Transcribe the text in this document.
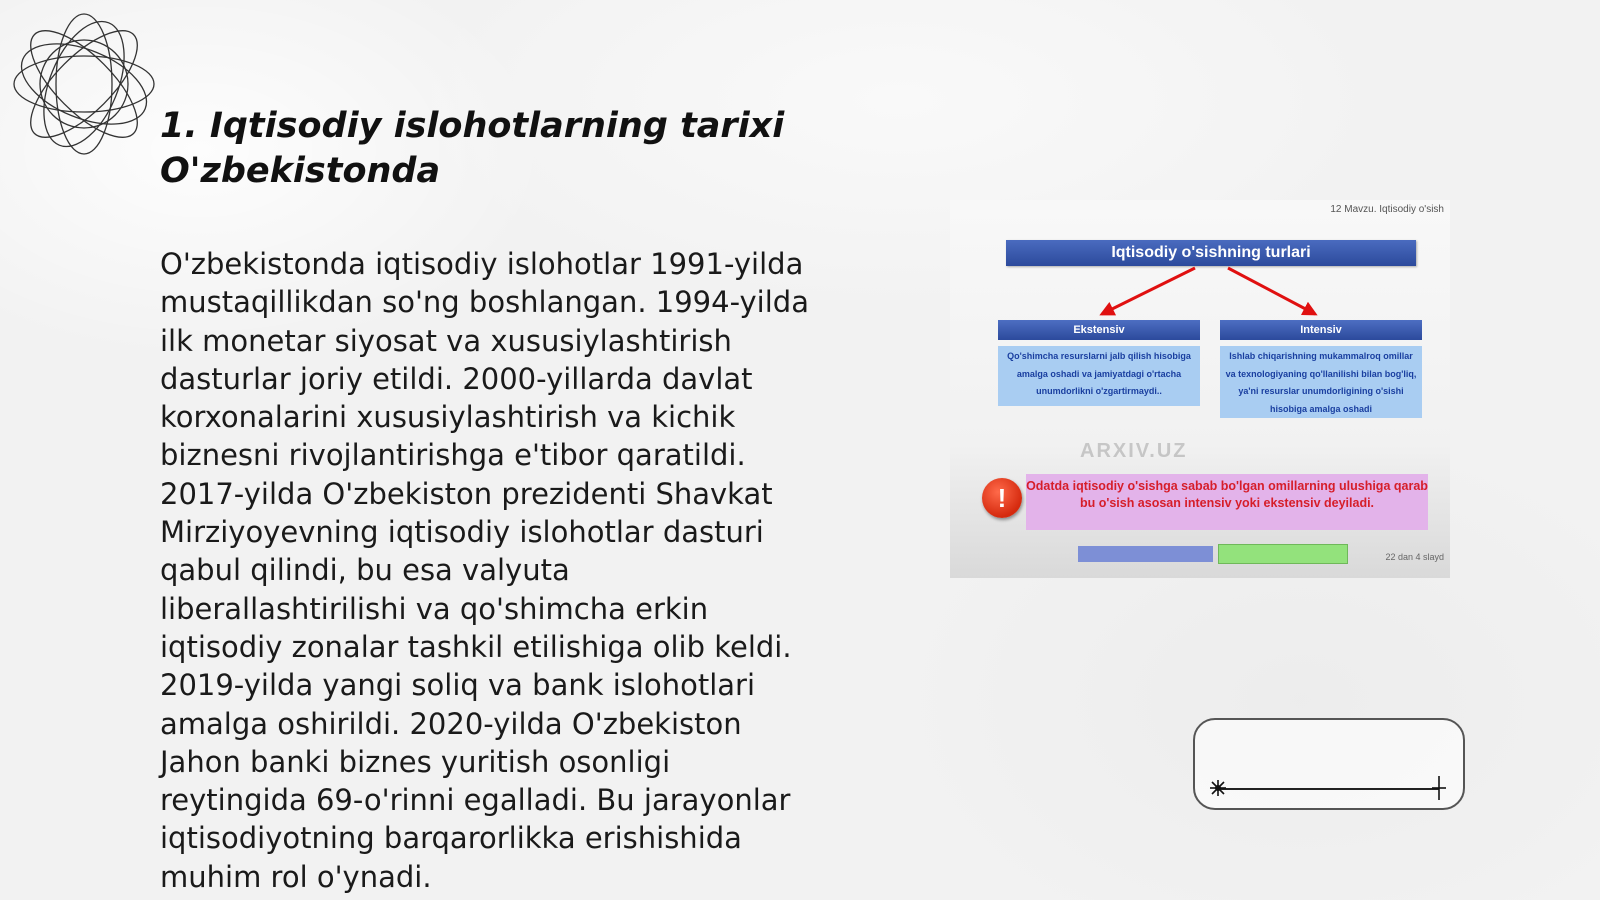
1. Iqtisodiy islohotlarning tarixi O'zbekistonda
O'zbekistonda iqtisodiy islohotlar 1991-yilda
mustaqillikdan so'ng boshlangan. 1994-yilda
ilk monetar siyosat va xususiylashtirish
dasturlar joriy etildi. 2000-yillarda davlat
korxonalarini xususiylashtirish va kichik
biznesni rivojlantirishga e'tibor qaratildi.
2017-yilda O'zbekiston prezidenti Shavkat
Mirziyoyevning iqtisodiy islohotlar dasturi
qabul qilindi, bu esa valyuta
liberallashtirilishi va qo'shimcha erkin
iqtisodiy zonalar tashkil etilishiga olib keldi.
2019-yilda yangi soliq va bank islohotlari
amalga oshirildi. 2020-yilda O'zbekiston
Jahon banki biznes yuritish osonligi
reytingida 69-o'rinni egalladi. Bu jarayonlar
iqtisodiyotning barqarorlikka erishishida
muhim rol o'ynadi.
12 Mavzu. Iqtisodiy o'sish
Iqtisodiy o'sishning turlari
Ekstensiv	Intensiv
Qo'shimcha resurslarni jalb qilish hisobiga amalga oshadi va jamiyatdagi o'rtacha unumdorlikni o'zgartirmaydi..
Ishlab chiqarishning mukammalroq omillar va texnologiyaning qo'llanilishi bilan bog'liq, ya'ni resurslar unumdorligining o'sishi hisobiga amalga oshadi
ARXIV.UZ
!	Odatda iqtisodiy o'sishga sabab bo'lgan omillarning ulushiga qarab bu o'sish asosan intensiv yoki ekstensiv deyiladi.
22 dan 4 slayd
